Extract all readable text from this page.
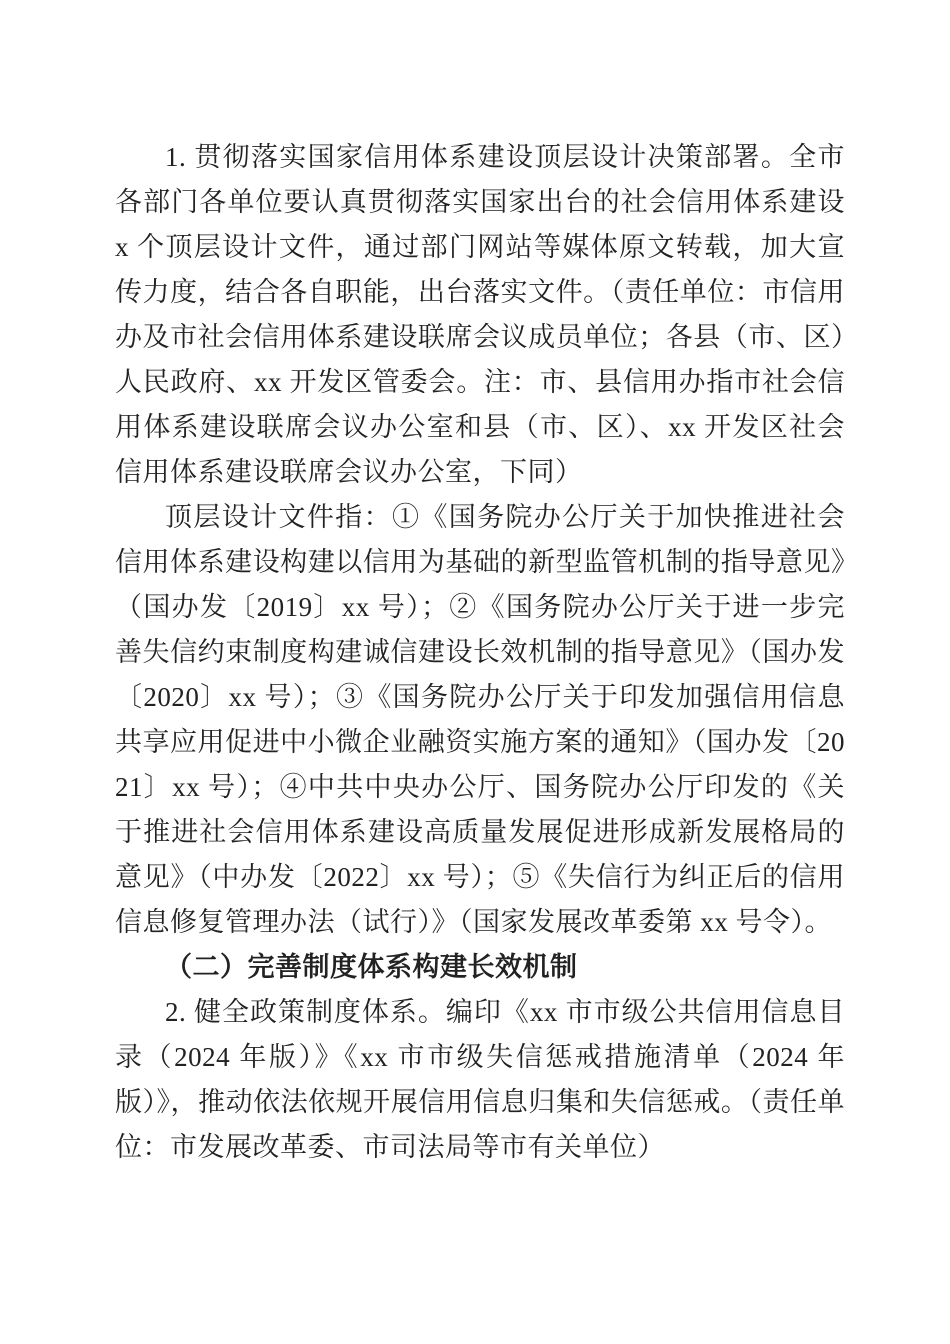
1. 贯彻落实国家信用体系建设顶层设计决策部署。全市各部门各单位要认真贯彻落实国家出台的社会信用体系建设 x 个顶层设计文件，通过部门网站等媒体原文转载，加大宣传力度，结合各自职能，出台落实文件。（责任单位：市信用办及市社会信用体系建设联席会议成员单位；各县（市、区）人民政府、xx 开发区管委会。注：市、县信用办指市社会信用体系建设联席会议办公室和县（市、区）、xx 开发区社会信用体系建设联席会议办公室，下同）

顶层设计文件指：①《国务院办公厅关于加快推进社会信用体系建设构建以信用为基础的新型监管机制的指导意见》（国办发〔2019〕xx 号）；②《国务院办公厅关于进一步完善失信约束制度构建诚信建设长效机制的指导意见》（国办发〔2020〕xx 号）；③《国务院办公厅关于印发加强信用信息共享应用促进中小微企业融资实施方案的通知》（国办发〔2021〕xx 号）；④中共中央办公厅、国务院办公厅印发的《关于推进社会信用体系建设高质量发展促进形成新发展格局的意见》（中办发〔2022〕xx 号）；⑤《失信行为纠正后的信用信息修复管理办法（试行）》（国家发展改革委第 xx 号令）。

（二）完善制度体系构建长效机制

2. 健全政策制度体系。编印《xx 市市级公共信用信息目录（2024 年版）》《xx 市市级失信惩戒措施清单（2024 年版）》，推动依法依规开展信用信息归集和失信惩戒。（责任单位：市发展改革委、市司法局等市有关单位）
